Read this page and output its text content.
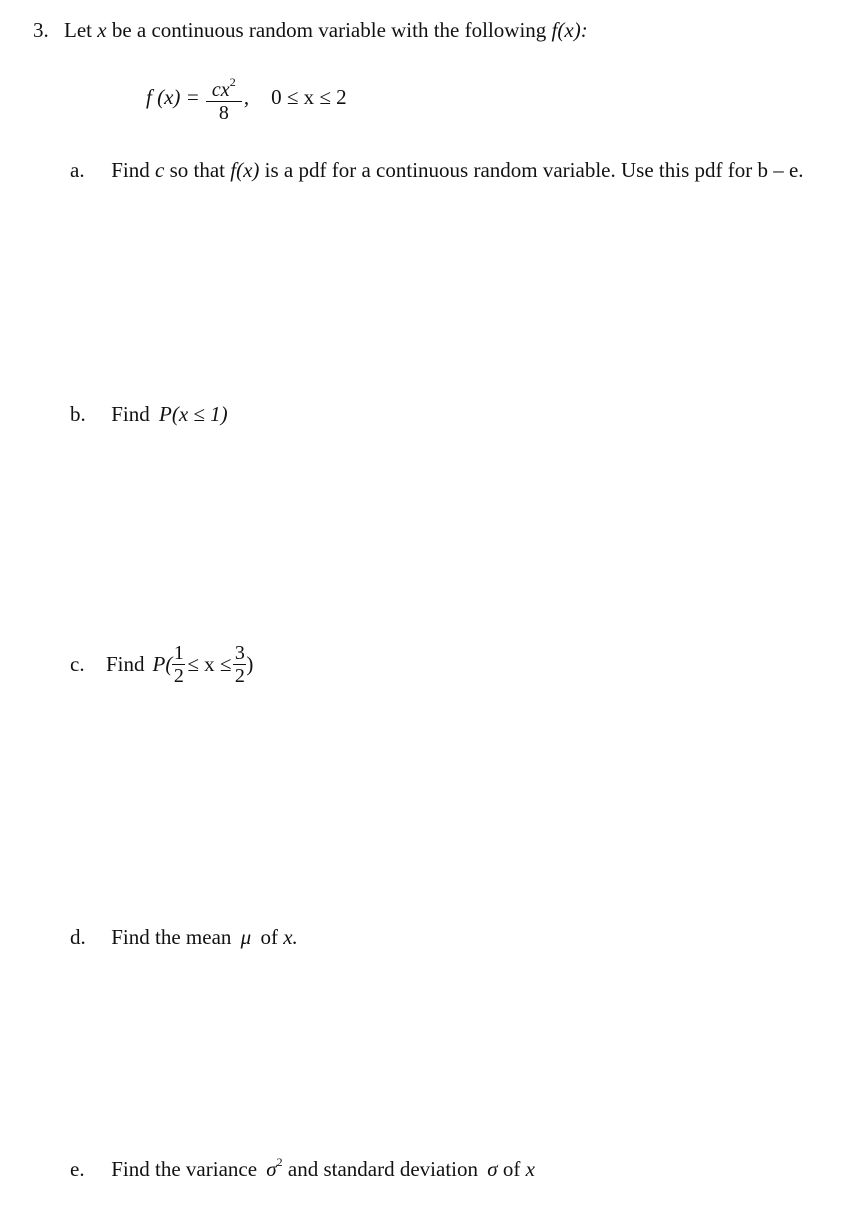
3. Let x be a continuous random variable with the following f(x):
f $(x) = \frac{cx^2}{8}$ , 0 ≤ x ≤ 2
a. Find c so that f(x) is a pdf for a continuous random variable. Use this pdf for b – e.
b. Find P(x ≤ 1)
c.	Find $P( \frac{1}{2} \le x \le \frac{3}{2}$ )
d. Find the mean μ of x.
e. Find the variance $\sigma^2$ and standard deviation σ of x
